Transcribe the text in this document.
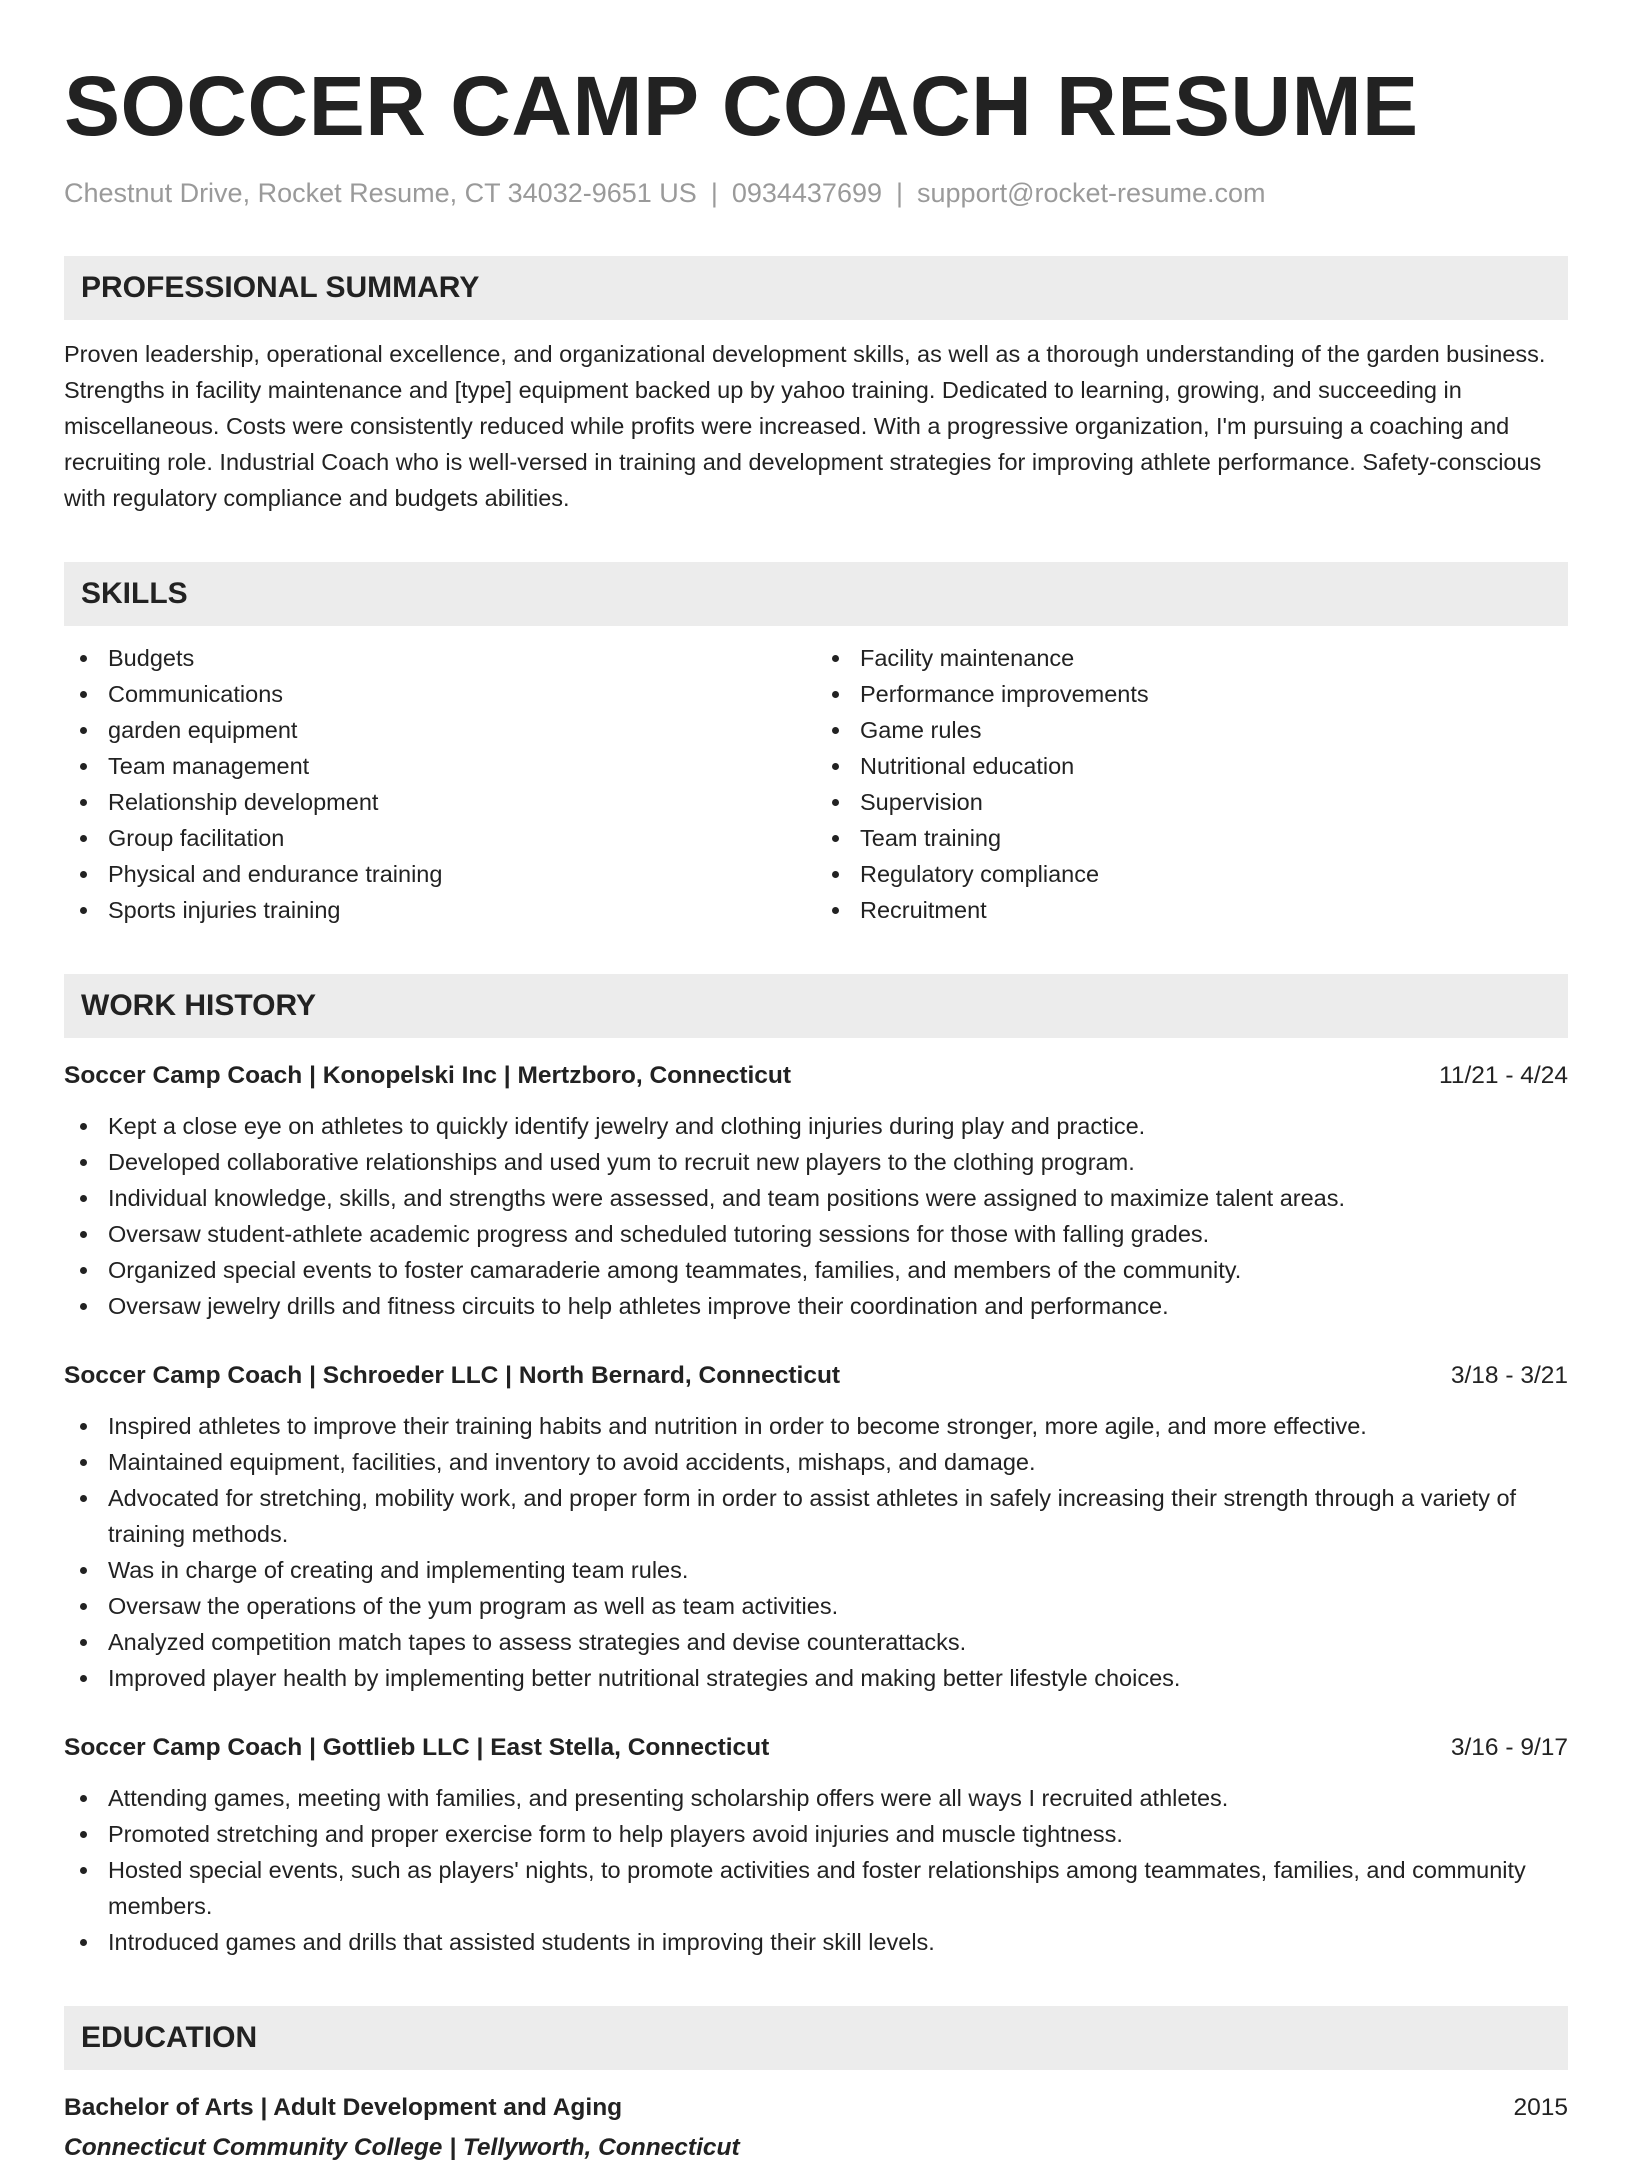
SOCCER CAMP COACH RESUME
Chestnut Drive, Rocket Resume, CT 34032-9651 US | 0934437699 | support@rocket-resume.com
PROFESSIONAL SUMMARY
Proven leadership, operational excellence, and organizational development skills, as well as a thorough understanding of the garden business. Strengths in facility maintenance and [type] equipment backed up by yahoo training. Dedicated to learning, growing, and succeeding in miscellaneous. Costs were consistently reduced while profits were increased. With a progressive organization, I'm pursuing a coaching and recruiting role. Industrial Coach who is well-versed in training and development strategies for improving athlete performance. Safety-conscious with regulatory compliance and budgets abilities.
SKILLS
Budgets
Communications
garden equipment
Team management
Relationship development
Group facilitation
Physical and endurance training
Sports injuries training
Facility maintenance
Performance improvements
Game rules
Nutritional education
Supervision
Team training
Regulatory compliance
Recruitment
WORK HISTORY
Soccer Camp Coach | Konopelski Inc | Mertzboro, Connecticut	11/21 - 4/24
Kept a close eye on athletes to quickly identify jewelry and clothing injuries during play and practice.
Developed collaborative relationships and used yum to recruit new players to the clothing program.
Individual knowledge, skills, and strengths were assessed, and team positions were assigned to maximize talent areas.
Oversaw student-athlete academic progress and scheduled tutoring sessions for those with falling grades.
Organized special events to foster camaraderie among teammates, families, and members of the community.
Oversaw jewelry drills and fitness circuits to help athletes improve their coordination and performance.
Soccer Camp Coach | Schroeder LLC | North Bernard, Connecticut	3/18 - 3/21
Inspired athletes to improve their training habits and nutrition in order to become stronger, more agile, and more effective.
Maintained equipment, facilities, and inventory to avoid accidents, mishaps, and damage.
Advocated for stretching, mobility work, and proper form in order to assist athletes in safely increasing their strength through a variety of training methods.
Was in charge of creating and implementing team rules.
Oversaw the operations of the yum program as well as team activities.
Analyzed competition match tapes to assess strategies and devise counterattacks.
Improved player health by implementing better nutritional strategies and making better lifestyle choices.
Soccer Camp Coach | Gottlieb LLC | East Stella, Connecticut	3/16 - 9/17
Attending games, meeting with families, and presenting scholarship offers were all ways I recruited athletes.
Promoted stretching and proper exercise form to help players avoid injuries and muscle tightness.
Hosted special events, such as players' nights, to promote activities and foster relationships among teammates, families, and community members.
Introduced games and drills that assisted students in improving their skill levels.
EDUCATION
Bachelor of Arts | Adult Development and Aging	2015
Connecticut Community College | Tellyworth, Connecticut
